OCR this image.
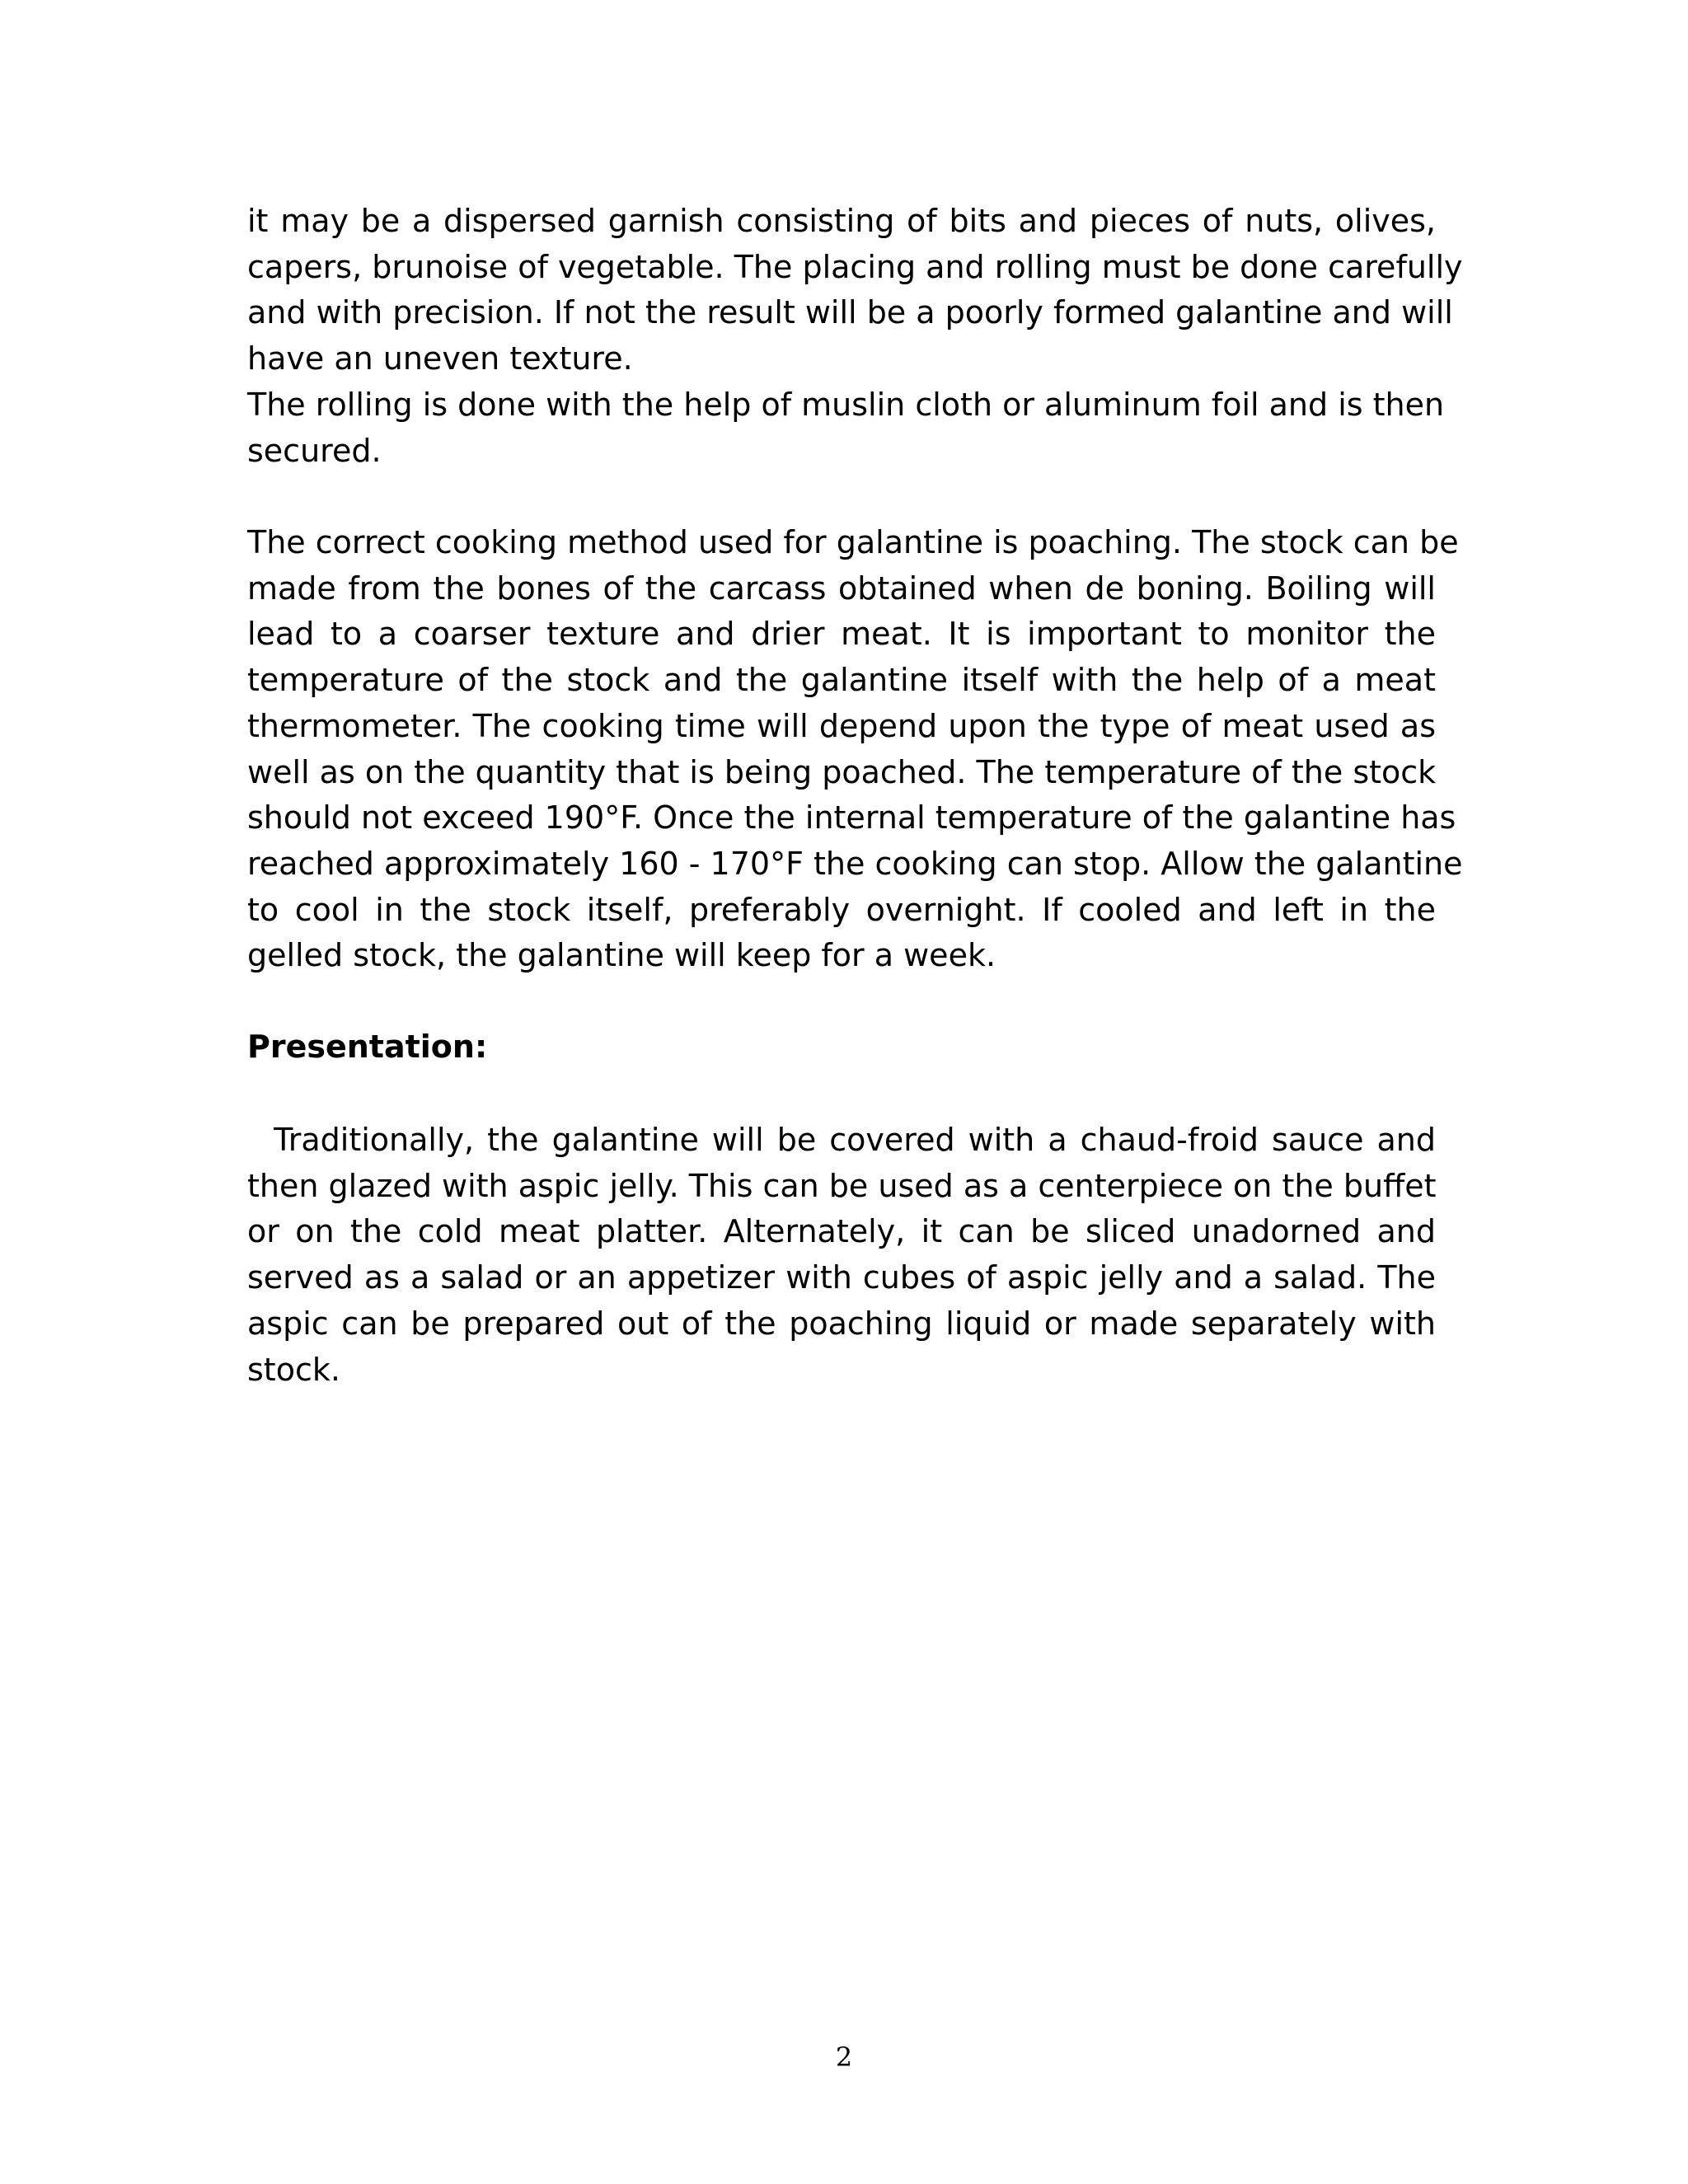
it may be a dispersed garnish consisting of bits and pieces of nuts, olives,
capers, brunoise of vegetable. The placing and rolling must be done carefully
and with precision. If not the result will be a poorly formed galantine and will
have an uneven texture.
The rolling is done with the help of muslin cloth or aluminum foil and is then
secured.
The correct cooking method used for galantine is poaching. The stock can be
made from the bones of the carcass obtained when de boning. Boiling will
lead to a coarser texture and drier meat. It is important to monitor the
temperature of the stock and the galantine itself with the help of a meat
thermometer. The cooking time will depend upon the type of meat used as
well as on the quantity that is being poached. The temperature of the stock
should not exceed 190°F. Once the internal temperature of the galantine has
reached approximately 160 - 170°F the cooking can stop. Allow the galantine
to cool in the stock itself, preferably overnight. If cooled and left in the
gelled stock, the galantine will keep for a week.
Presentation:
Traditionally, the galantine will be covered with a chaud-froid sauce and
then glazed with aspic jelly. This can be used as a centerpiece on the buffet
or on the cold meat platter. Alternately, it can be sliced unadorned and
served as a salad or an appetizer with cubes of aspic jelly and a salad. The
aspic can be prepared out of the poaching liquid or made separately with
stock.
2
